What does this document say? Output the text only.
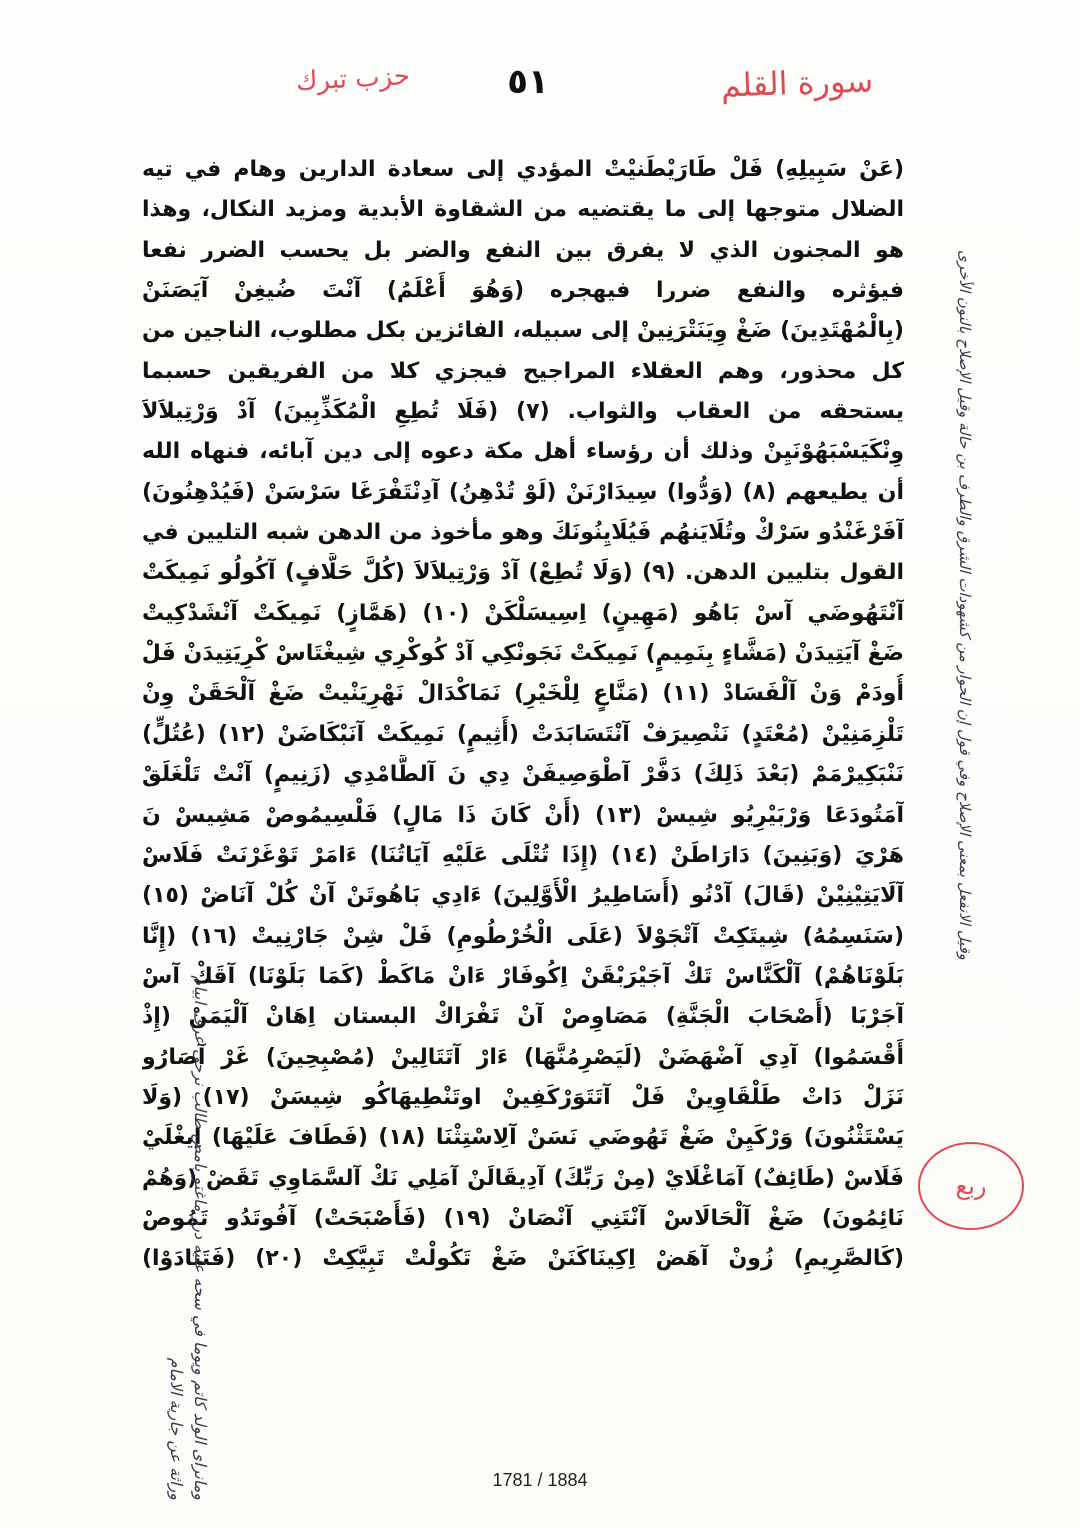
سورة القلم
٥١
حزب تبرك
وقيل الانفعل بمعنى الإصلاح وفي قول إن الحوار من كشهودات الشرق والطرف بن حالة وقيل الإصلاح بالنون الأخرى
(عَنْ سَبِيلِهِ) فَلْ طَارَيْطَنيْتْ المؤدي إلى سعادة الدارين وهام في تيه
الضلال متوجها إلى ما يقتضيه من الشقاوة الأبدية ومزيد النكال، وهذا
هو المجنون الذي لا يفرق بين النفع والضر بل يحسب الضرر نفعا
فيؤثره والنفع ضررا فيهجره (وَهُوَ أَعْلَمُ) آنْتَ ضُيغِنْ آيَصَنَنْ
(بِالْمُهْتَدِينَ) ضَغْ وِيَنَتْرَنِينْ إلى سبيله، الفائزين بكل مطلوب، الناجين من
كل محذور، وهم العقلاء المراجيح فيجزي كلا من الفريقين حسبما
يستحقه من العقاب والثواب. (٧) (فَلَا تُطِعِ الْمُكَذِّبِينَ) آدْ وَرْتِيلاَلاَ
وِنْكَيَسْبَهُوْنَيِنْ وذلك أن رؤساء أهل مكة دعوه إلى دين آبائه، فنهاه الله
أن يطيعهم (٨) (وَدُّوا) سِيدَارْنَنْ (لَوْ تُدْهِنُ) آدِنْتَفْرَغَا سَرْسَنْ (فَيُدْهِنُونَ)
آفَرْغَنْدُو سَرْكْ وتُلَايَنهُم فَيُلَايِنُونَكَ وهو مأخوذ من الدهن شبه التليين في
القول بتليين الدهن. (٩) (وَلَا تُطِعْ) آدْ وَرْتِيلاَلاَ (كُلَّ حَلَّافٍ) آكُولُو نَمِيكَتْ
آنْتَهُوضَي آسْ بَاهُو (مَهِينٍ) اِسِيسَلْكَنْ (١٠) (هَمَّازٍ) نَمِيكَتْ آنْشَدْكِيتْ
ضَغْ آيَتِيدَنْ (مَشَّاءٍ بِنَمِيمٍ) نَمِيكَتْ نَجَونْكِي آدْ كُوكْرِي شِيغْتَاسْ كْرِيَتِيدَنْ فَلْ
أُودَمْ وَنْ آلْفَسَادْ (١١) (مَنَّاعٍ لِلْخَيْرِ) نَمَاكْدَالْ نَهْرِيَنْيتْ ضَغْ آلْحَقَنْ وِنْ
تَلْزِمَنِيْنْ (مُعْتَدٍ) نَنْصِيرَفْ آنْتَسَابَدَتْ (أَثِيمٍ) نَمِيكَتْ آنَبْكَاضَنْ (١٢) (عُتُلٍّ)
نَنْبَكِيرْمَمْ (بَعْدَ ذَلِكَ) دَفَّرْ آطْوَصِيفَنْ دِي نَ آلطَّامْدِي (زَنِيمٍ) آنْتْ تَلْغَلَقْ
آمَتُودَعَا وَرْبَيْرِيُو شِيسْ (١٣) (أَنْ كَانَ ذَا مَالٍ) فَلْسِيمُوصْ مَشِيسْ نَ
هَرْيَ (وَبَنِينَ) دَارَاطَنْ (١٤) (إِذَا تُتْلَى عَلَيْهِ آيَاتُنَا) ءَامَرْ تَوْغَرْنَتْ فَلَاسْ
آلَايَتِيْنِيْنْ (قَالَ) آدْنُو (أَسَاطِيرُ الْأَوَّلِينَ) ءَادِي بَاهُوتَنْ آنْ كُلْ آنَاضْ (١٥)
(سَنَسِمُهُ) شِيتَكِتْ آتْجَوْلاَ (عَلَى الْخُرْطُومِ) فَلْ شِنْ جَارْنِيتْ (١٦) (إِنَّا
بَلَوْنَاهُمْ) آلْكَنَّاسْ تَكْ آجَيْرَبْقَنْ اِكُوفَارْ ءَانْ مَاكَطْ (كَمَا بَلَوْنَا) آقَكْ آسْ
آجَرْبَا (أَصْحَابَ الْجَنَّةِ) مَصَاوِصْ آنْ تَفْرَاكْ البستان اِهَانْ آلْيَمَنْ (إِذْ
أَقْسَمُوا) آدِي آضْهَضَنْ (لَيَصْرِمُنَّهَا) ءَارْ آتَتَالِينْ (مُصْبِحِينَ) غَرْ آصَارُو
نَزَلْ دَاتْ طَلْقَاوِينْ فَلْ آتَتَوَرْكَفِينْ اوتَنْطِيهَاكُو شِيسَنْ (١٧) (وَلَا
يَسْتَثْنُونَ) وَرْكَيِنْ ضَغْ تَهُوضَي نَسَنْ آلِاسْتِثْنَا (١٨) (فَطَافَ عَلَيْهَا) اِيغْلَيْ
فَلَاسْ (طَائِفٌ) آمَاغْلَايْ (مِنْ رَبِّكَ) آدِيقَالَنْ آمَلِي نَكْ آلسَّمَاوِي تَقَضْ (وَهُمْ
نَائِمُونَ) ضَغْ آلْحَالَاسْ آنْتَنِي آنْصَانْ (١٩) (فَأَصْبَحَتْ) آفُوتَدُو تَمُوصْ
(كَالصَّرِيمِ) زُونْ آهَضْ اِكِينَاكَنَنْ ضَغْ تَكُولْتْ تَبِيَّكِتْ (٢٠) (فَتَنَادَوْا)
ومانراى الولد كاتم ويوما في سحه عليه درر ماغتو بامص طالب نرحى عرف ابيام وراثة عن جارية الامام
ربع
1781 / 1884
